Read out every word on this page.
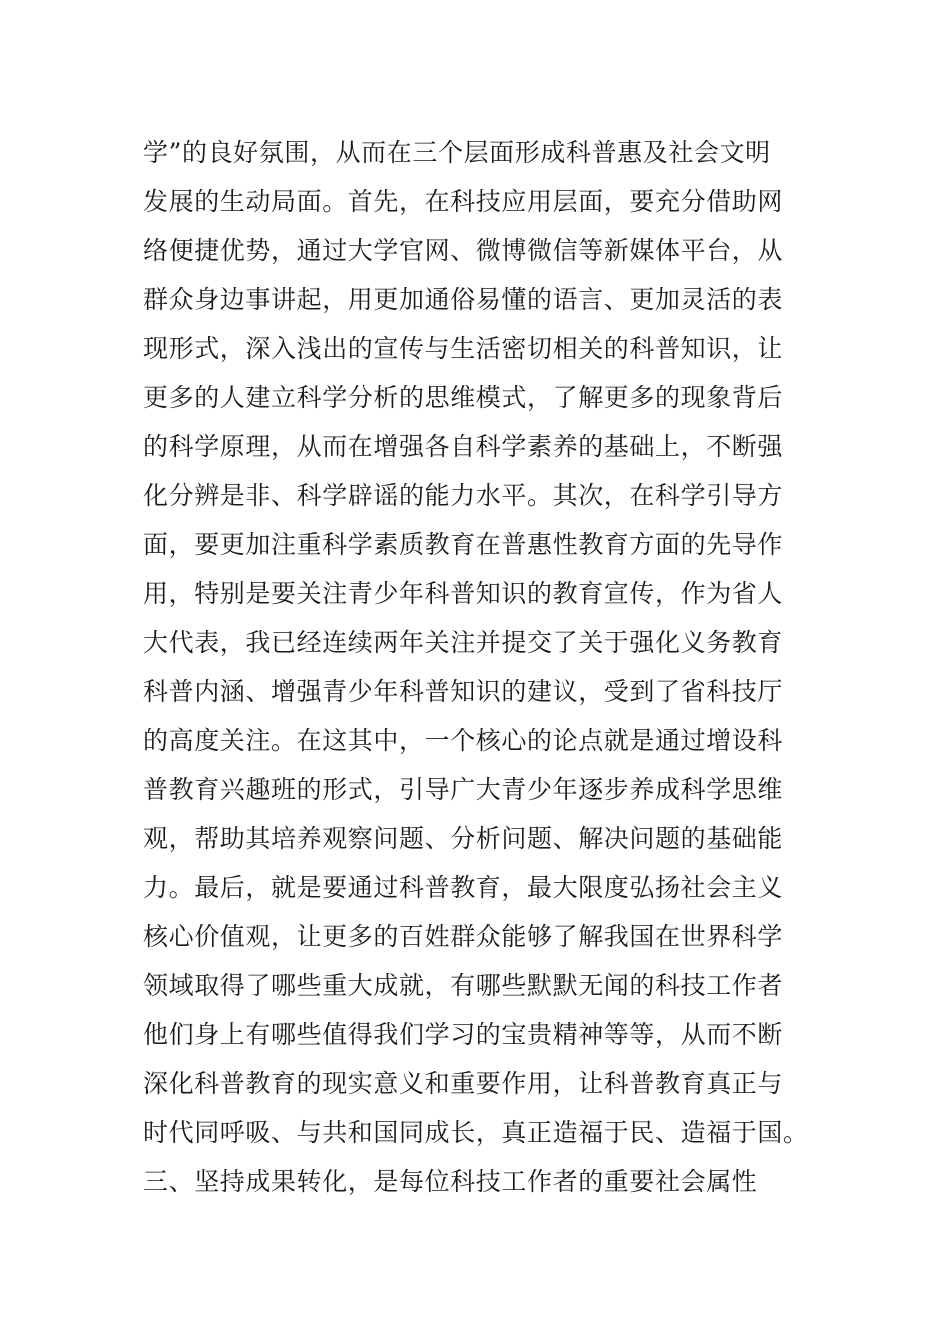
学”的良好氛围，从而在三个层面形成科普惠及社会文明
发展的生动局面。首先，在科技应用层面，要充分借助网
络便捷优势，通过大学官网、微博微信等新媒体平台，从
群众身边事讲起，用更加通俗易懂的语言、更加灵活的表
现形式，深入浅出的宣传与生活密切相关的科普知识，让
更多的人建立科学分析的思维模式，了解更多的现象背后
的科学原理，从而在增强各自科学素养的基础上，不断强
化分辨是非、科学辟谣的能力水平。其次，在科学引导方
面，要更加注重科学素质教育在普惠性教育方面的先导作
用，特别是要关注青少年科普知识的教育宣传，作为省人
大代表，我已经连续两年关注并提交了关于强化义务教育
科普内涵、增强青少年科普知识的建议，受到了省科技厅
的高度关注。在这其中，一个核心的论点就是通过增设科
普教育兴趣班的形式，引导广大青少年逐步养成科学思维
观，帮助其培养观察问题、分析问题、解决问题的基础能
力。最后，就是要通过科普教育，最大限度弘扬社会主义
核心价值观，让更多的百姓群众能够了解我国在世界科学
领域取得了哪些重大成就，有哪些默默无闻的科技工作者
他们身上有哪些值得我们学习的宝贵精神等等，从而不断
深化科普教育的现实意义和重要作用，让科普教育真正与
时代同呼吸、与共和国同成长，真正造福于民、造福于国。
三、坚持成果转化，是每位科技工作者的重要社会属性
